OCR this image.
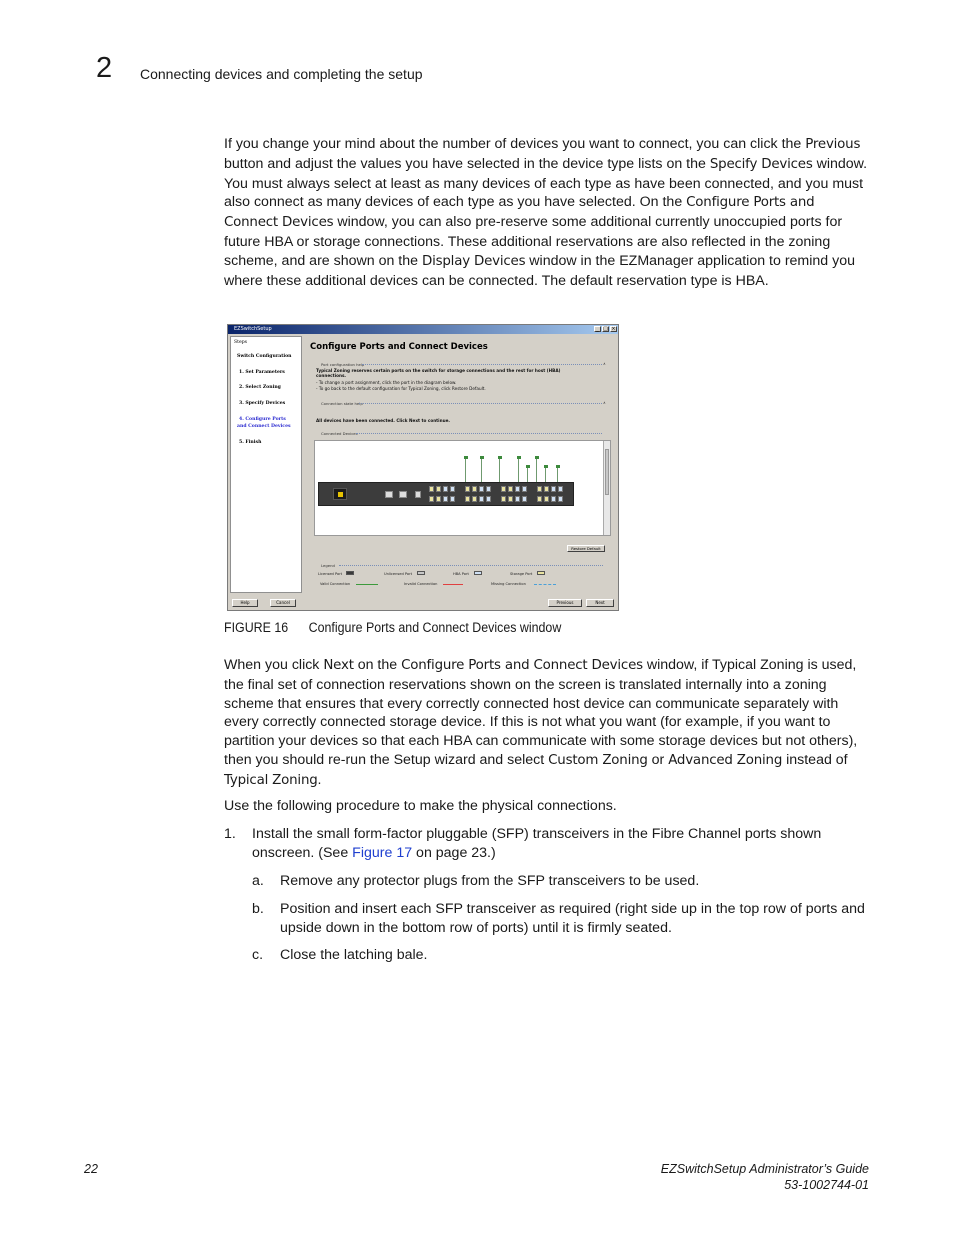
2 Connecting devices and completing the setup
If you change your mind about the number of devices you want to connect, you can click the Previous button and adjust the values you have selected in the device type lists on the Specify Devices window. You must always select at least as many devices of each type as have been connected, and you must also connect as many devices of each type as you have selected. On the Configure Ports and Connect Devices window, you can also pre-reserve some additional currently unoccupied ports for future HBA or storage connections. These additional reservations are also reflected in the zoning scheme, and are shown on the Display Devices window in the EZManager application to remind you where these additional devices can be connected. The default reservation type is HBA.
EZSwitchSetup	_ □ ×
Steps
Switch Configuration
1. Set Parameters
2. Select Zoning
3. Specify Devices
4. Configure Ports
and Connect Devices
5. Finish
Configure Ports and Connect Devices
Port configuration help	∧
Typical Zoning reserves certain ports on the switch for storage connections and the rest for host (HBA)
connections.
- To change a port assignment, click the port in the diagram below.
- To go back to the default configuration for Typical Zoning, click Restore Default.
Connection state help	∧
All devices have been connected. Click Next to continue.
Connected Devices
Restore Default
Legend
Licensed Port	Unlicensed Port	HBA Port	Storage Port
Valid Connection	Invalid Connection	Missing Connection
Help	Cancel	Previous	Next
FIGURE 16 Configure Ports and Connect Devices window
When you click Next on the Configure Ports and Connect Devices window, if Typical Zoning is used, the final set of connection reservations shown on the screen is translated internally into a zoning scheme that ensures that every correctly connected host device can communicate separately with every correctly connected storage device. If this is not what you want (for example, if you want to partition your devices so that each HBA can communicate with some storage devices but not others), then you should re-run the Setup wizard and select Custom Zoning or Advanced Zoning instead of Typical Zoning.
Use the following procedure to make the physical connections.
1. Install the small form-factor pluggable (SFP) transceivers in the Fibre Channel ports shown onscreen. (See Figure 17 on page 23.)
a. Remove any protector plugs from the SFP transceivers to be used.
b. Position and insert each SFP transceiver as required (right side up in the top row of ports and upside down in the bottom row of ports) until it is firmly seated.
c. Close the latching bale.
22	EZSwitchSetup Administrator’s Guide
53-1002744-01
